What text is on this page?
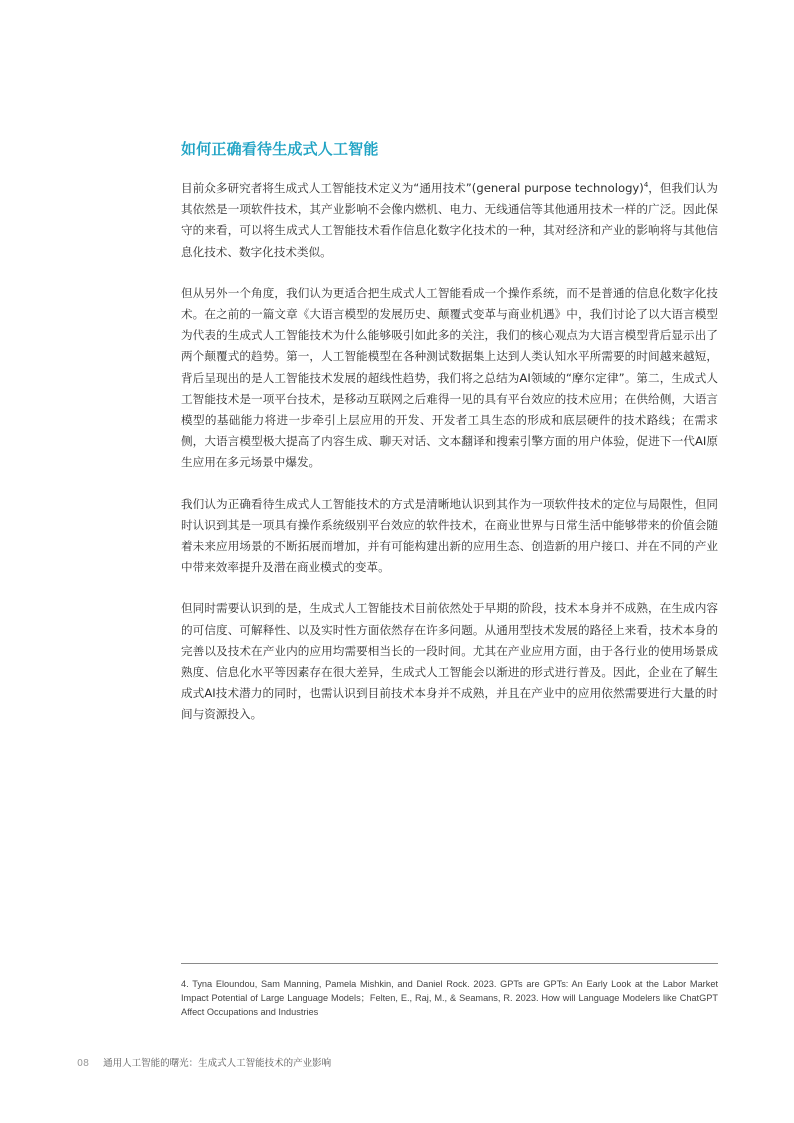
如何正确看待生成式人工智能

目前众多研究者将生成式人工智能技术定义为“通用技术”(general purpose technology)$^4$，但我们认为其依然是一项软件技术，其产业影响不会像内燃机、电力、无线通信等其他通用技术一样的广泛。因此保守的来看，可以将生成式人工智能技术看作信息化数字化技术的一种，其对经济和产业的影响将与其他信息化技术、数字化技术类似。

但从另外一个角度，我们认为更适合把生成式人工智能看成一个操作系统，而不是普通的信息化数字化技术。在之前的一篇文章《大语言模型的发展历史、颠覆式变革与商业机遇》中，我们讨论了以大语言模型为代表的生成式人工智能技术为什么能够吸引如此多的关注，我们的核心观点为大语言模型背后显示出了两个颠覆式的趋势。第一，人工智能模型在各种测试数据集上达到人类认知水平所需要的时间越来越短，背后呈现出的是人工智能技术发展的超线性趋势，我们将之总结为AI领域的“摩尔定律”。第二，生成式人工智能技术是一项平台技术，是移动互联网之后难得一见的具有平台效应的技术应用；在供给侧，大语言模型的基础能力将进一步牵引上层应用的开发、开发者工具生态的形成和底层硬件的技术路线；在需求侧，大语言模型极大提高了内容生成、聊天对话、文本翻译和搜索引擎方面的用户体验，促进下一代AI原生应用在多元场景中爆发。

我们认为正确看待生成式人工智能技术的方式是清晰地认识到其作为一项软件技术的定位与局限性，但同时认识到其是一项具有操作系统级别平台效应的软件技术，在商业世界与日常生活中能够带来的价值会随着未来应用场景的不断拓展而增加，并有可能构建出新的应用生态、创造新的用户接口、并在不同的产业中带来效率提升及潜在商业模式的变革。

但同时需要认识到的是，生成式人工智能技术目前依然处于早期的阶段，技术本身并不成熟，在生成内容的可信度、可解释性、以及实时性方面依然存在许多问题。从通用型技术发展的路径上来看，技术本身的完善以及技术在产业内的应用均需要相当长的一段时间。尤其在产业应用方面，由于各行业的使用场景成熟度、信息化水平等因素存在很大差异，生成式人工智能会以渐进的形式进行普及。因此，企业在了解生成式AI技术潜力的同时，也需认识到目前技术本身并不成熟，并且在产业中的应用依然需要进行大量的时间与资源投入。

4. Tyna Eloundou, Sam Manning, Pamela Mishkin, and Daniel Rock. 2023. GPTs are GPTs: An Early Look at the Labor Market Impact Potential of Large Language Models；Felten, E., Raj, M., & Seamans, R. 2023. How will Language Modelers like ChatGPT Affect Occupations and Industries

08 通用人工智能的曙光：生成式人工智能技术的产业影响
